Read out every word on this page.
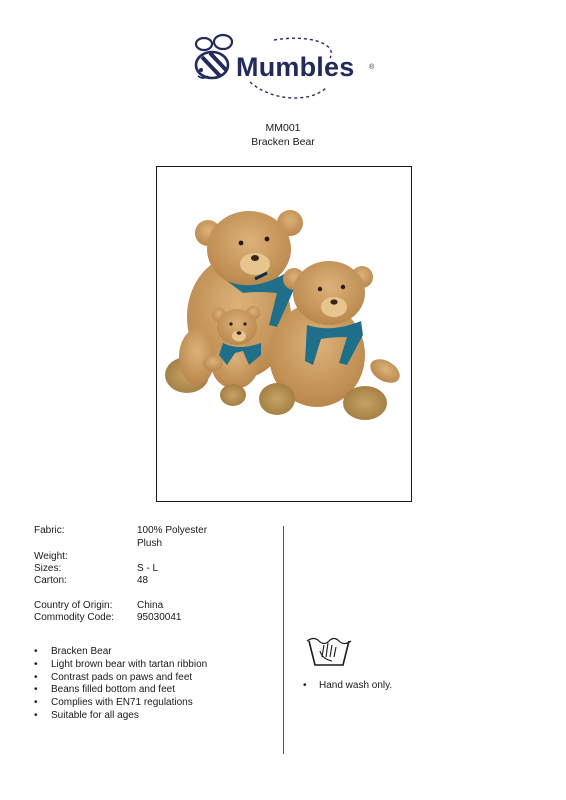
Mumbles ®
MM001
Bracken Bear
Fabric:	100% Polyester
Plush
Weight:
Sizes:	S - L
Carton:	48
Country of Origin: China
Commodity Code: 95030041
• Bracken Bear
• Light brown bear with tartan ribbion
• Contrast pads on paws and feet
• Beans filled bottom and feet
• Complies with EN71 regulations
• Suitable for all ages
• Hand wash only.
